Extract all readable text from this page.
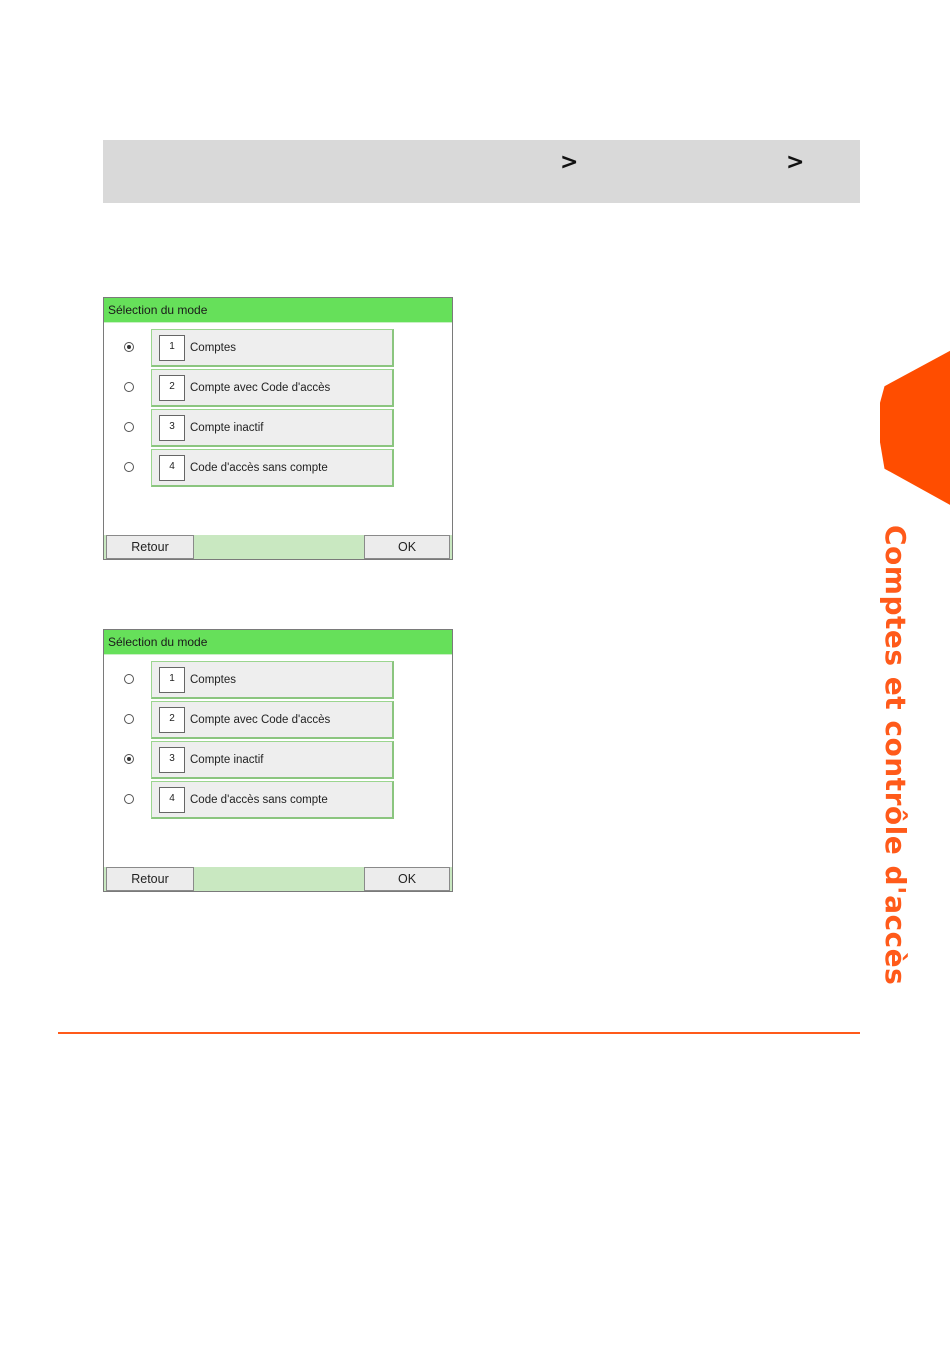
>	>
Sélection du mode
1	Comptes
2	Compte avec Code d'accès
3	Compte inactif
4	Code d'accès sans compte
Retour	OK
Sélection du mode
1	Comptes
2	Compte avec Code d'accès
3	Compte inactif
4	Code d'accès sans compte
Retour	OK	Comptes et contrôle d'accès
